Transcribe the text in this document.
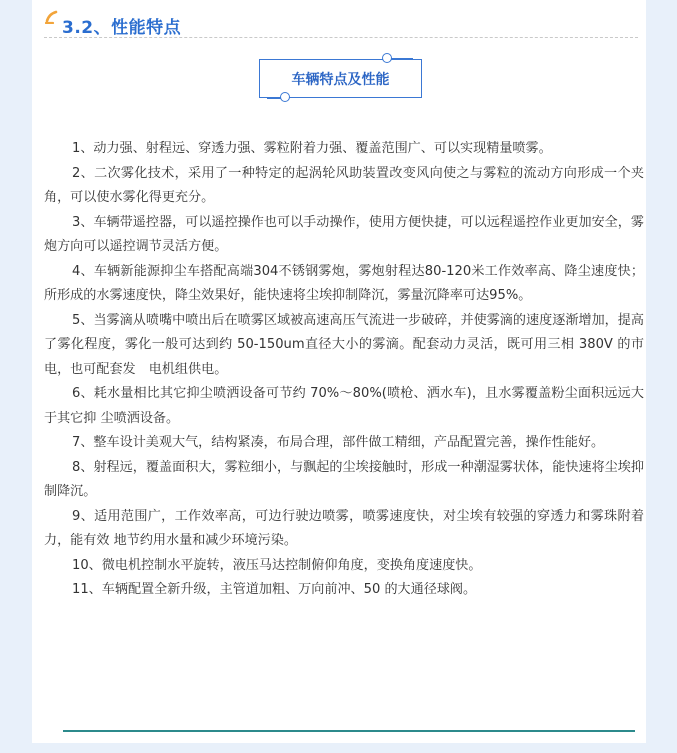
3.2、性能特点
车辆特点及性能

1、动力强、射程远、穿透力强、雾粒附着力强、覆盖范围广、可以实现精量喷雾。

2、二次雾化技术，采用了一种特定的起涡轮风助装置改变风向使之与雾粒的流动方向形成一个夹角，可以使水雾化得更充分。

3、车辆带遥控器，可以遥控操作也可以手动操作，使用方便快捷，可以远程遥控作业更加安全，雾炮方向可以遥控调节灵活方便。

4、车辆新能源抑尘车搭配高端304不锈钢雾炮，雾炮射程达80-120米工作效率高、降尘速度快；所形成的水雾速度快，降尘效果好，能快速将尘埃抑制降沉，雾量沉降率可达95%。

5、当雾滴从喷嘴中喷出后在喷雾区域被高速高压气流进一步破碎，并使雾滴的速度逐渐增加，提高了雾化程度，雾化一般可达到约 50-150um直径大小的雾滴。配套动力灵活，既可用三相 380V 的市电，也可配套发　电机组供电。

6、耗水量相比其它抑尘喷洒设备可节约 70%～80%(喷枪、洒水车)，且水雾覆盖粉尘面积远远大于其它抑 尘喷洒设备。

7、整车设计美观大气，结构紧凑，布局合理，部件做工精细，产品配置完善，操作性能好。

8、射程远，覆盖面积大，雾粒细小，与飘起的尘埃接触时，形成一种潮湿雾状体，能快速将尘埃抑制降沉。

9、适用范围广，工作效率高，可边行驶边喷雾，喷雾速度快，对尘埃有较强的穿透力和雾珠附着力，能有效 地节约用水量和减少环境污染。

10、微电机控制水平旋转，液压马达控制俯仰角度，变换角度速度快。

11、车辆配置全新升级，主管道加粗、万向前冲、50 的大通径球阀。
